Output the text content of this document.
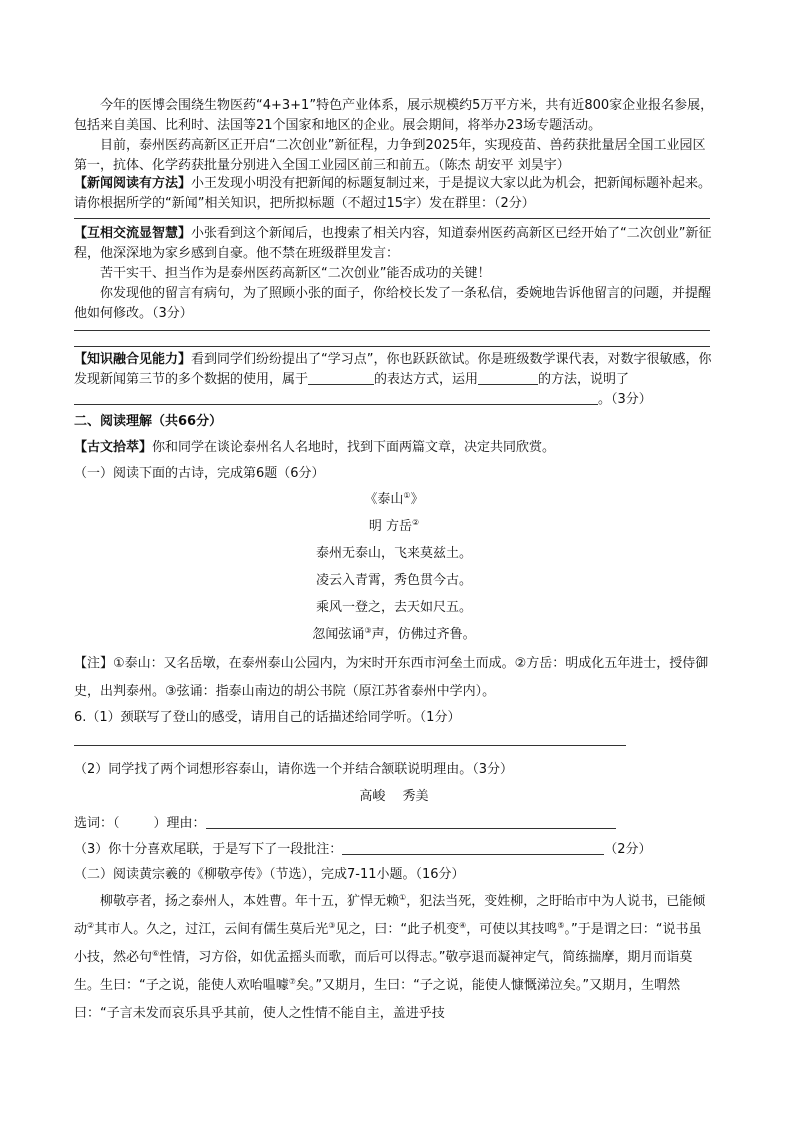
今年的医博会围绕生物医药“4+3+1”特色产业体系，展示规模约5万平方米，共有近800家企业报名参展，包括来自美国、比利时、法国等21个国家和地区的企业。展会期间，将举办23场专题活动。

目前，泰州医药高新区正开启“二次创业”新征程，力争到2025年，实现疫苗、兽药获批量居全国工业园区第一，抗体、化学药获批量分别进入全国工业园区前三和前五。（陈杰 胡安平 刘昊宇）

【新闻阅读有方法】小王发现小明没有把新闻的标题复制过来，于是提议大家以此为机会，把新闻标题补起来。请你根据所学的“新闻”相关知识，把所拟标题（不超过15字）发在群里：（2分）

【互相交流显智慧】小张看到这个新闻后，也搜索了相关内容，知道泰州医药高新区已经开始了“二次创业”新征程，他深深地为家乡感到自豪。他不禁在班级群里发言：

苦干实干、担当作为是泰州医药高新区“二次创业”能否成功的关键！

你发现他的留言有病句，为了照顾小张的面子，你给校长发了一条私信，委婉地告诉他留言的问题，并提醒他如何修改。（3分）

【知识融合见能力】看到同学们纷纷提出了“学习点”，你也跃跃欲试。你是班级数学课代表，对数字很敏感，你发现新闻第三节的多个数据的使用，属于	的表达方式，运用	的方法，说明了
。（3分）

二、阅读理解（共66分）

【古文拾萃】你和同学在谈论泰州名人名地时，找到下面两篇文章，决定共同欣赏。

（一）阅读下面的古诗，完成第6题（6分）

《泰山①》
明 方岳②
泰州无泰山，飞来莫兹土。
凌云入青霄，秀色贯今古。
乘风一登之，去天如尺五。
忽闻弦诵③声，仿佛过齐鲁。

【注】①泰山：又名岳墩，在泰州泰山公园内，为宋时开东西市河垒土而成。②方岳：明成化五年进士，授侍御史，出判泰州。③弦诵：指泰山南边的胡公书院（原江苏省泰州中学内）。

6.（1）颈联写了登山的感受，请用自己的话描述给同学听。（1分）

（2）同学找了两个词想形容泰山，请你选一个并结合颔联说明理由。（3分）

高峻　 秀美

选词：（	）理由：

（3）你十分喜欢尾联，于是写下了一段批注：	（2分）

（二）阅读黄宗羲的《柳敬亭传》（节选），完成7-11小题。（16分）

柳敬亭者，扬之泰州人，本姓曹。年十五，犷悍无赖①，犯法当死，变姓柳，之盱眙市中为人说书，已能倾动②其市人。久之，过江，云间有儒生莫后光③见之，曰：“此子机变④，可使以其技鸣⑤。”于是谓之曰：“说书虽小技，然必句⑥性情，习方俗，如优孟摇头而歌，而后可以得志。”敬亭退而凝神定气，简练揣摩，期月而诣莫生。生曰：“子之说，能使人欢咍嗢噱⑦矣。”又期月，生曰：“子之说，能使人慷慨涕泣矣。”又期月，生喟然曰：“子言未发而哀乐具乎其前，使人之性情不能自主，盖进乎技
